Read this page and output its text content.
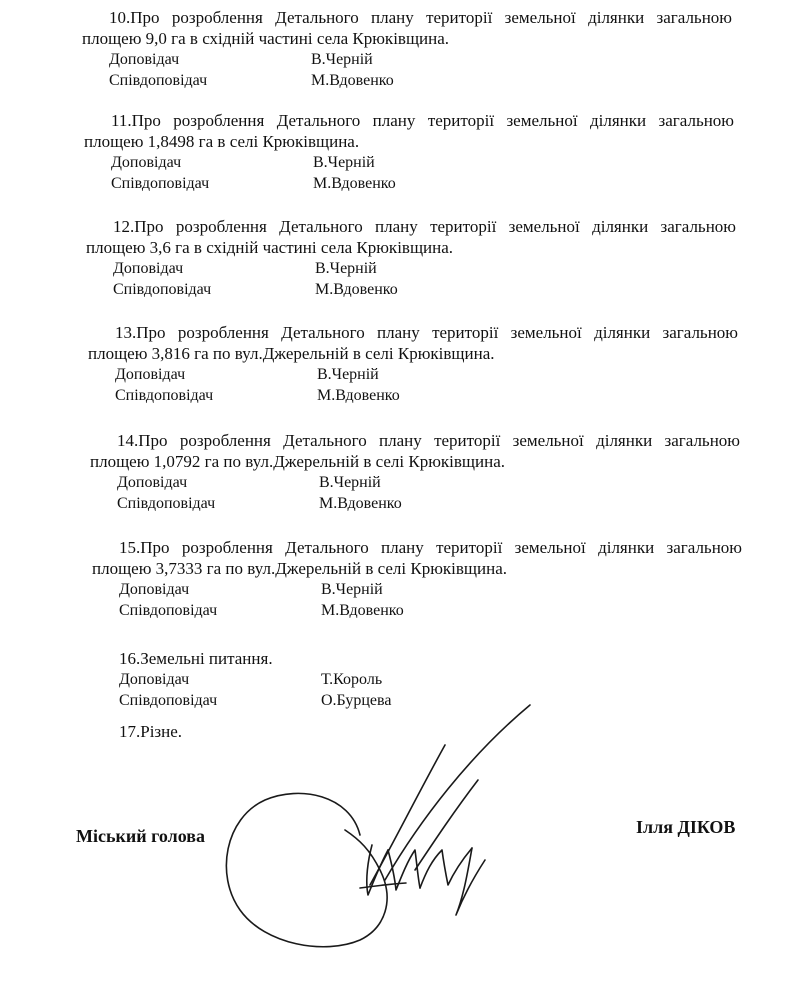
10.Про розроблення Детального плану території земельної ділянки загальною площею 9,0 га в східній частині села Крюківщина.

Доповідач	В.Черній
Співдоповідач	М.Вдовенко

11.Про розроблення Детального плану території земельної ділянки загальною площею 1,8498 га в селі Крюківщина.

Доповідач	В.Черній
Співдоповідач	М.Вдовенко

12.Про розроблення Детального плану території земельної ділянки загальною площею 3,6 га в східній частині села Крюківщина.

Доповідач	В.Черній
Співдоповідач	М.Вдовенко

13.Про розроблення Детального плану території земельної ділянки загальною площею 3,816 га по вул.Джерельній в селі Крюківщина.

Доповідач	В.Черній
Співдоповідач	М.Вдовенко

14.Про розроблення Детального плану території земельної ділянки загальною площею 1,0792 га по вул.Джерельній в селі Крюківщина.

Доповідач	В.Черній
Співдоповідач	М.Вдовенко

15.Про розроблення Детального плану території земельної ділянки загальною площею 3,7333 га по вул.Джерельній в селі Крюківщина.

Доповідач	В.Черній
Співдоповідач	М.Вдовенко

16.Земельні питання.

Доповідач	Т.Король
Співдоповідач	О.Бурцева

17.Різне.

Міський голова	Ілля ДІКОВ
